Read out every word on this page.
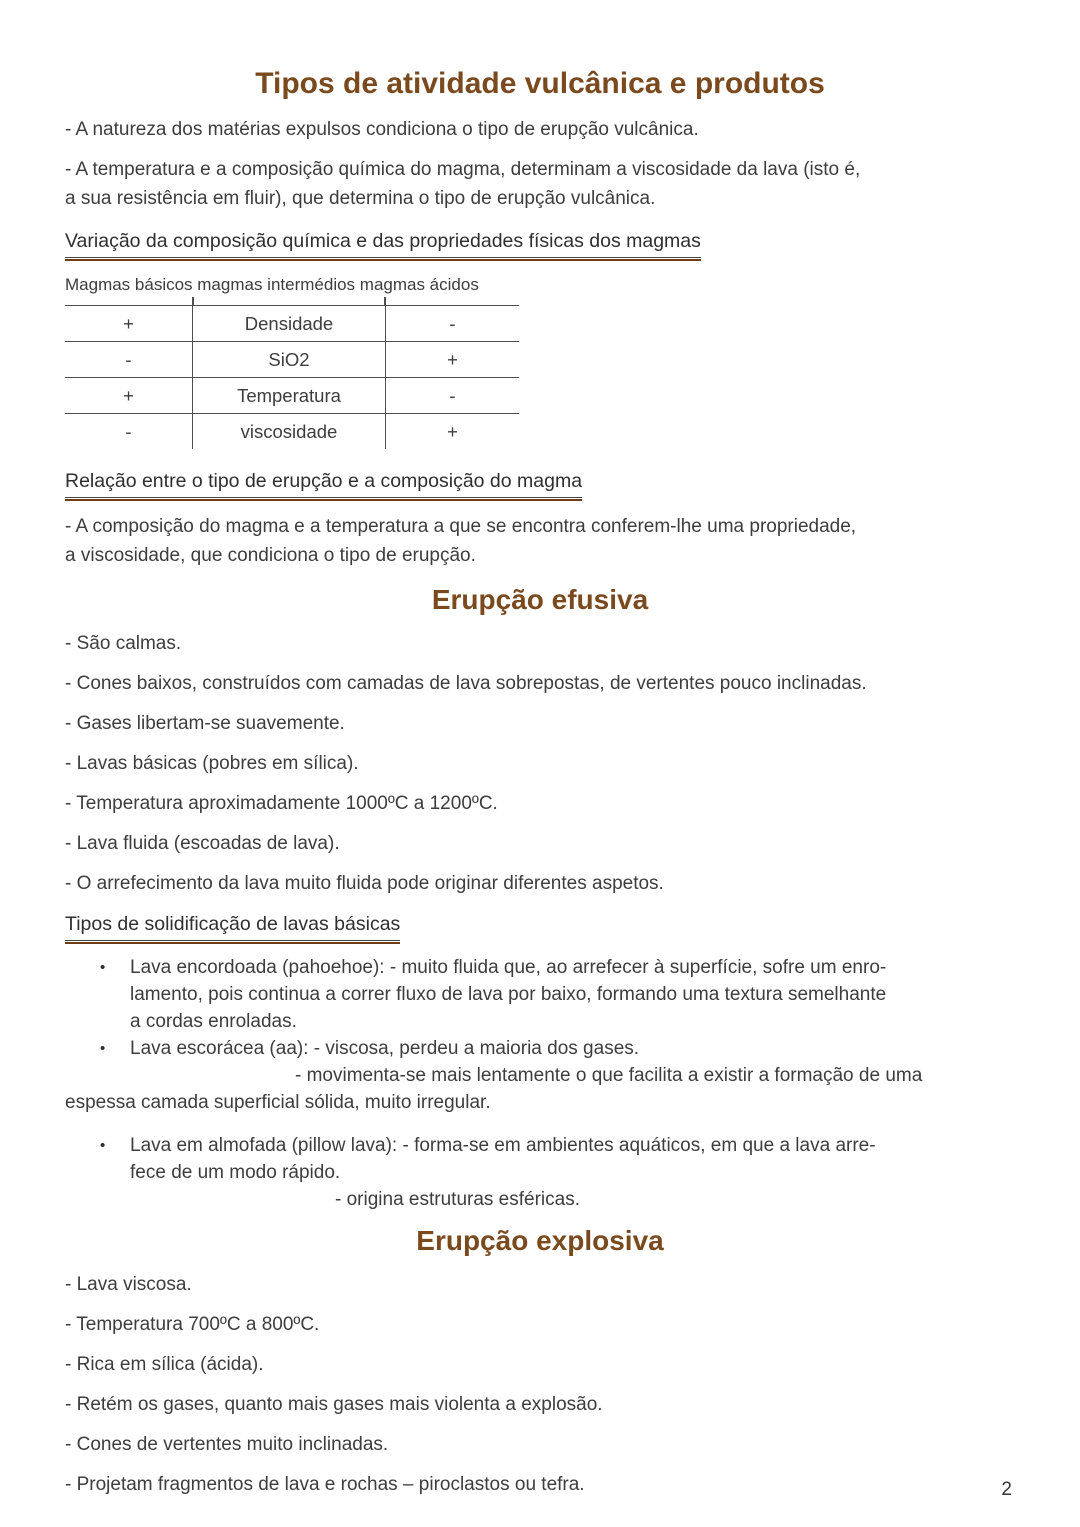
Tipos de atividade vulcânica e produtos

- A natureza dos matérias expulsos condiciona o tipo de erupção vulcânica.

- A temperatura e a composição química do magma, determinam a viscosidade da lava (isto é,
a sua resistência em fluir), que determina o tipo de erupção vulcânica.

Variação da composição química e das propriedades físicas dos magmas

Magmas básicos magmas intermédios magmas ácidos

+	Densidade	-
-	SiO2	+
+	Temperatura	-
-	viscosidade	+
Relação entre o tipo de erupção e a composição do magma

- A composição do magma e a temperatura a que se encontra conferem-lhe uma propriedade,
a viscosidade, que condiciona o tipo de erupção.

Erupção efusiva

- São calmas.

- Cones baixos, construídos com camadas de lava sobrepostas, de vertentes pouco inclinadas.

- Gases libertam-se suavemente.

- Lavas básicas (pobres em sílica).

- Temperatura aproximadamente 1000ºC a 1200ºC.

- Lava fluida (escoadas de lava).

- O arrefecimento da lava muito fluida pode originar diferentes aspetos.

Tipos de solidificação de lavas básicas
•	Lava encordoada (pahoehoe): - muito fluida que, ao arrefecer à superfície, sofre um enro-
lamento, pois continua a correr fluxo de lava por baixo, formando uma textura semelhante
a cordas enroladas.
•	Lava escorácea (aa): - viscosa, perdeu a maioria dos gases.
- movimenta-se mais lentamente o que facilita a existir a formação de uma
espessa camada superficial sólida, muito irregular.
•	Lava em almofada (pillow lava): - forma-se em ambientes aquáticos, em que a lava arre-
fece de um modo rápido.
- origina estruturas esféricas.
Erupção explosiva

- Lava viscosa.

- Temperatura 700ºC a 800ºC.

- Rica em sílica (ácida).

- Retém os gases, quanto mais gases mais violenta a explosão.

- Cones de vertentes muito inclinadas.

- Projetam fragmentos de lava e rochas – piroclastos ou tefra.	2
